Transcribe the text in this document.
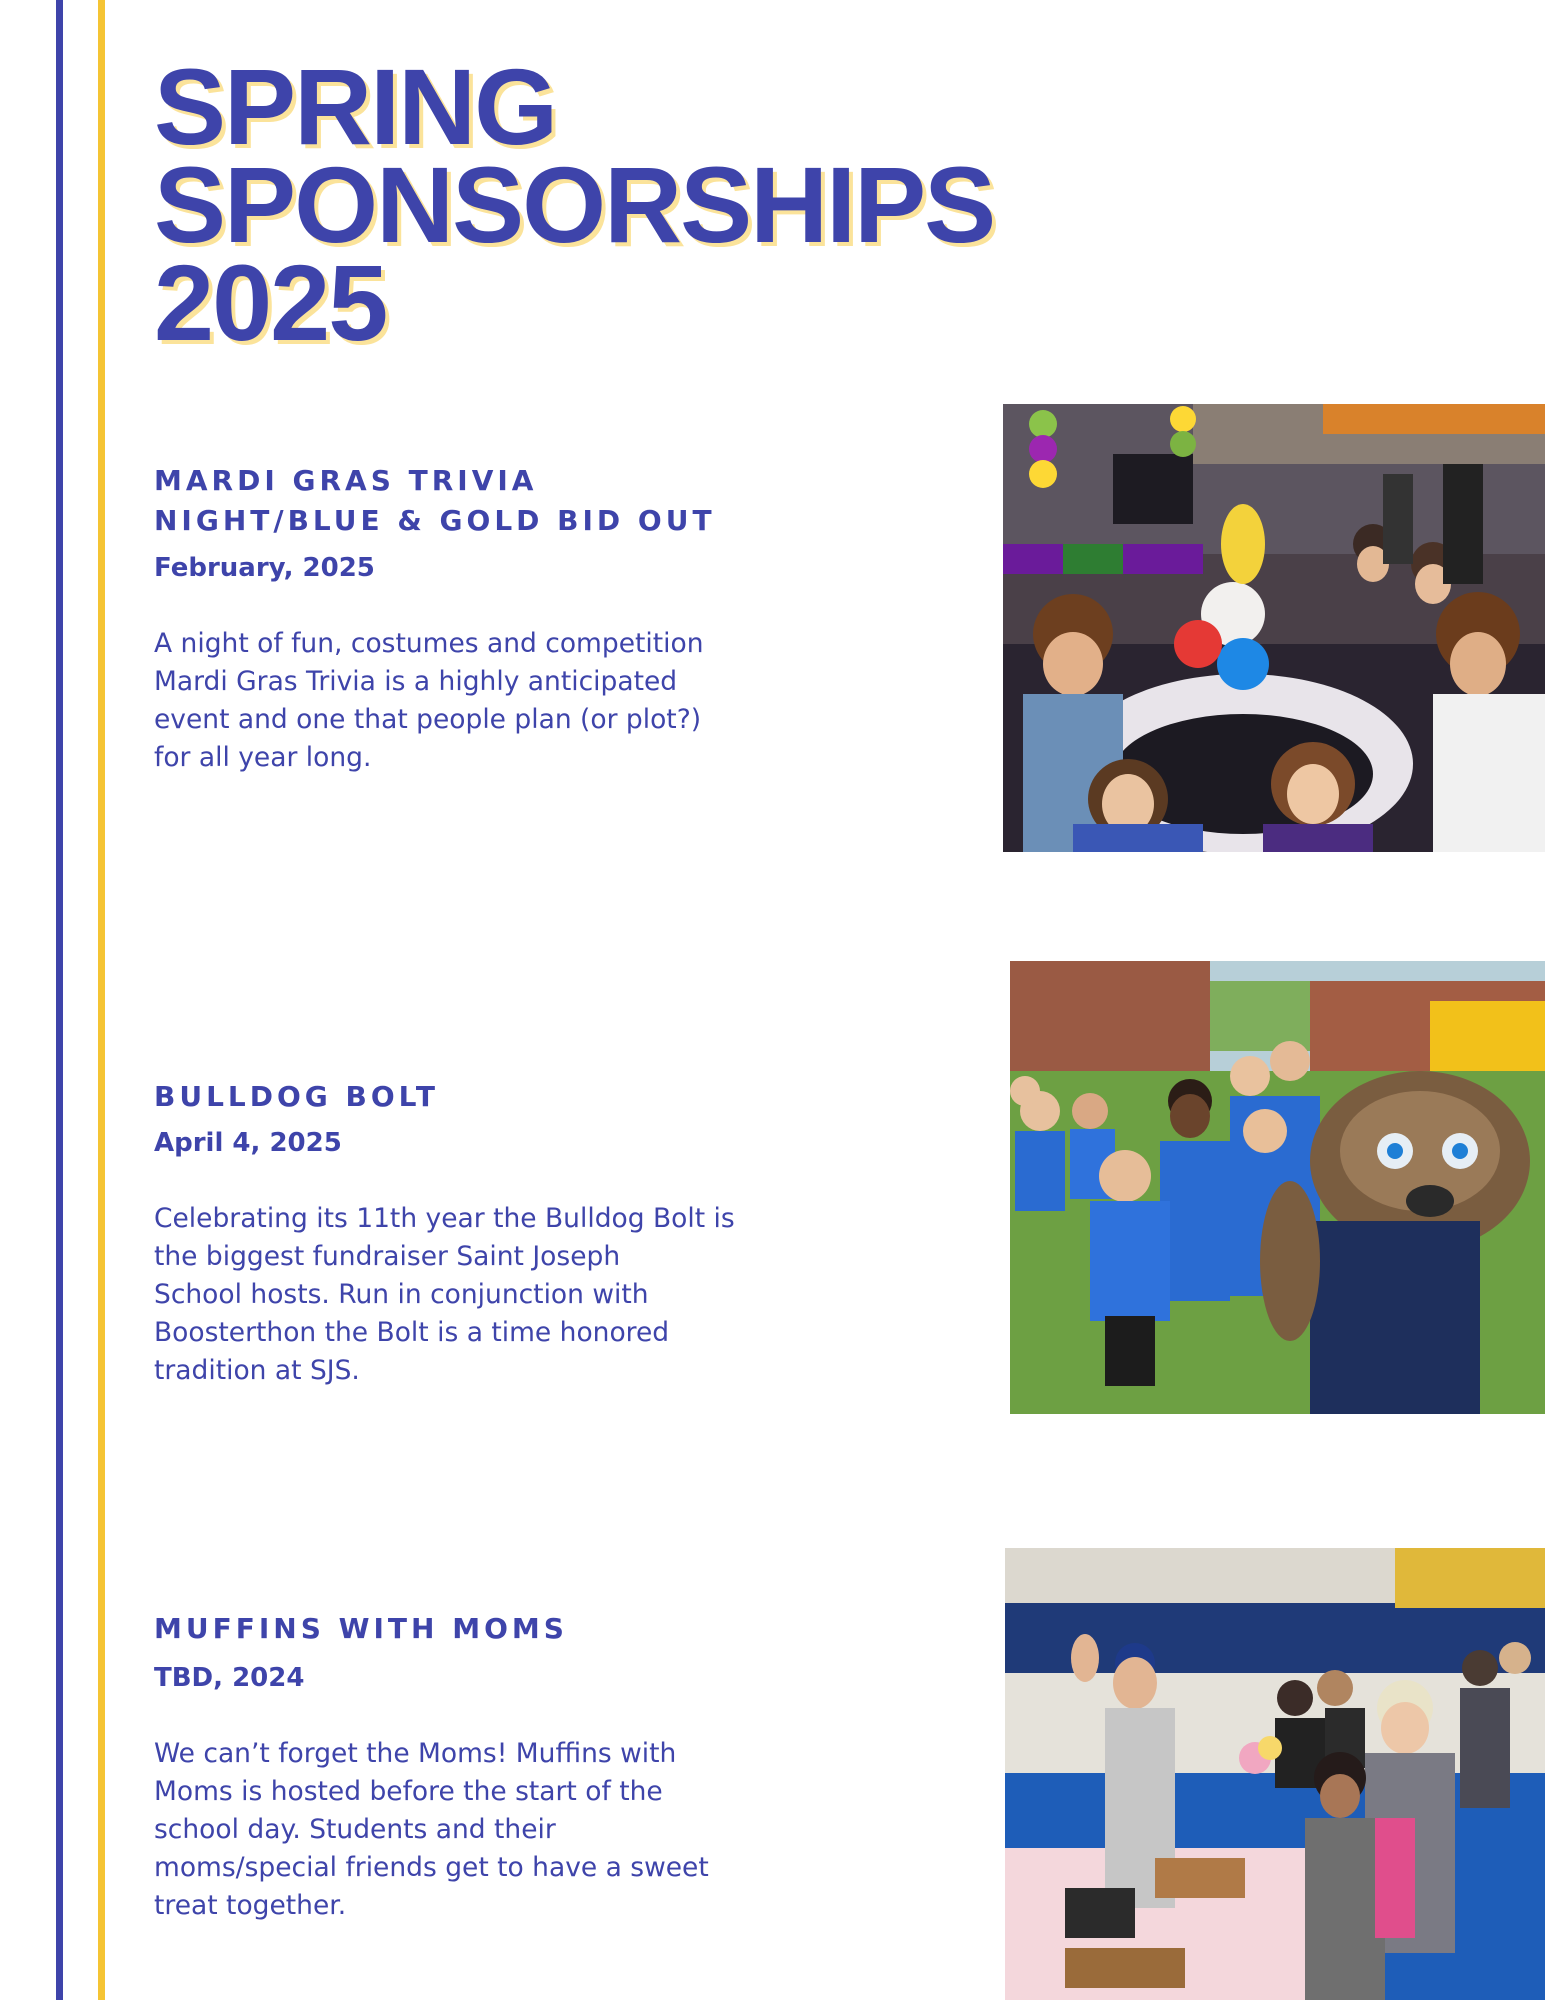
SPRING
SPONSORSHIPS
2025
MARDI GRAS TRIVIA
NIGHT/BLUE & GOLD BID OUT

February, 2025

A night of fun, costumes and competition
Mardi Gras Trivia is a highly anticipated
event and one that people plan (or plot?)
for all year long.

BULLDOG BOLT

April 4, 2025

Celebrating its 11th year the Bulldog Bolt is
the biggest fundraiser Saint Joseph
School hosts. Run in conjunction with
Boosterthon the Bolt is a time honored
tradition at SJS.

MUFFINS WITH MOMS

TBD, 2024

We can’t forget the Moms! Muffins with
Moms is hosted before the start of the
school day. Students and their
moms/special friends get to have a sweet
treat together.
